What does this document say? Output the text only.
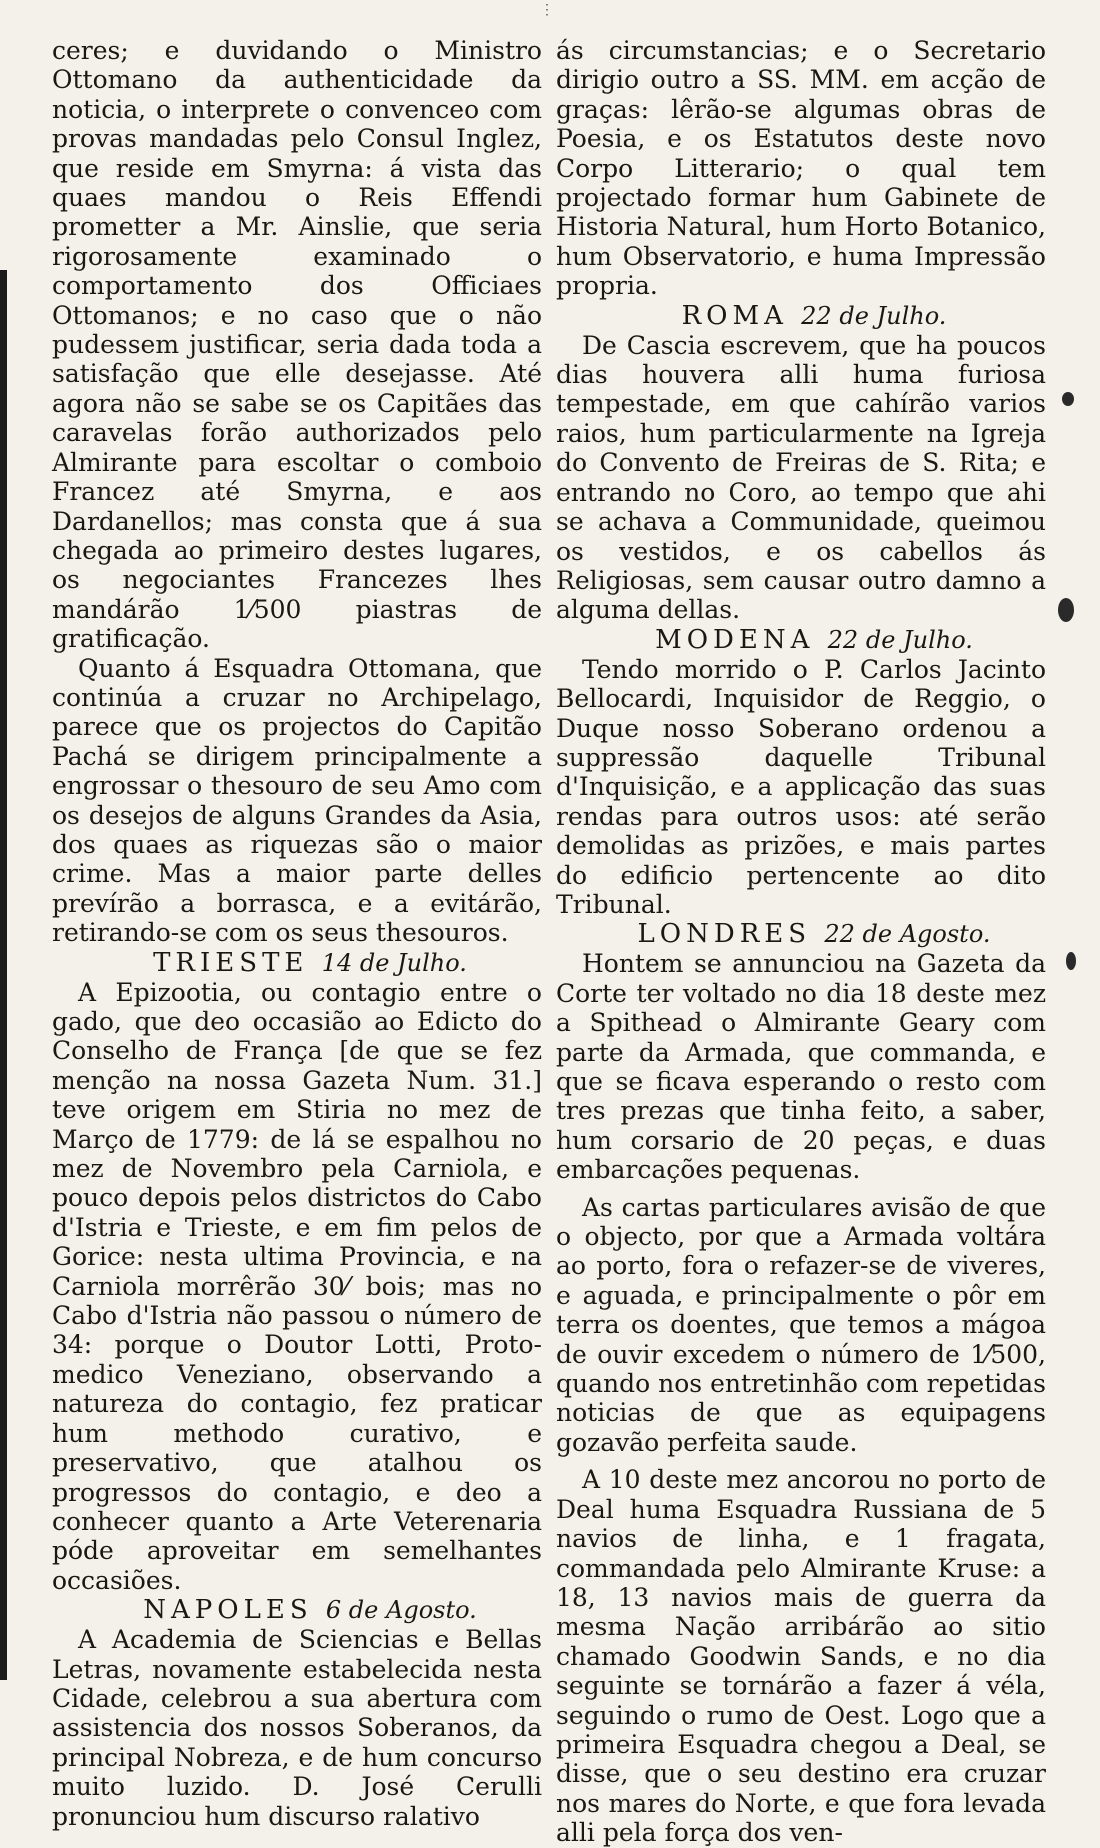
⋮

ceres; e duvidando o Ministro Ottomano da authenticidade da noticia, o interprete o convenceo com provas mandadas pelo Consul Inglez, que reside em Smyrna: á vista das quaes mandou o Reis Effendi prometter a Mr. Ainslie, que seria rigorosamente examinado o comportamento dos Officiaes Ottomanos; e no caso que o não pudessem justificar, seria dada toda a satisfação que elle desejasse. Até agora não se sabe se os Capitães das caravelas forão authorizados pelo Almirante para escoltar o comboio Francez até Smyrna, e aos Dardanellos; mas consta que á sua chegada ao primeiro destes lugares, os negociantes Francezes lhes mandárão 1⁄500 piastras de gratificação.

Quanto á Esquadra Ottomana, que continúa a cruzar no Archipelago, parece que os projectos do Capitão Pachá se dirigem principalmente a engrossar o thesouro de seu Amo com os desejos de alguns Grandes da Asia, dos quaes as riquezas são o maior crime. Mas a maior parte delles prevírão a borrasca, e a evitárão, retirando-se com os seus thesouros.

TRIESTE 14 de Julho.

A Epizootia, ou contagio entre o gado, que deo occasião ao Edicto do Conselho de França [de que se fez menção na nossa Gazeta Num. 31.] teve origem em Stiria no mez de Março de 1779: de lá se espalhou no mez de Novembro pela Carniola, e pouco depois pelos districtos do Cabo d'Istria e Trieste, e em fim pelos de Gorice: nesta ultima Provincia, e na Carniola morrêrão 30⁄ bois; mas no Cabo d'Istria não passou o número de 34: porque o Doutor Lotti, Proto-medico Veneziano, observando a natureza do contagio, fez praticar hum methodo curativo, e preservativo, que atalhou os progressos do contagio, e deo a conhecer quanto a Arte Veterenaria póde aproveitar em semelhantes occasiões.

NAPOLES 6 de Agosto.

A Academia de Sciencias e Bellas Letras, novamente estabelecida nesta Cidade, celebrou a sua abertura com assistencia dos nossos Soberanos, da principal Nobreza, e de hum concurso muito luzido. D. José Cerulli pronunciou hum discurso ralativo

ás circumstancias; e o Secretario dirigio outro a SS. MM. em acção de graças: lêrão-se algumas obras de Poesia, e os Estatutos deste novo Corpo Litterario; o qual tem projectado formar hum Gabinete de Historia Natural, hum Horto Botanico, hum Observatorio, e huma Impressão propria.

ROMA 22 de Julho.

De Cascia escrevem, que ha poucos dias houvera alli huma furiosa tempestade, em que cahírão varios raios, hum particularmente na Igreja do Convento de Freiras de S. Rita; e entrando no Coro, ao tempo que ahi se achava a Communidade, queimou os vestidos, e os cabellos ás Religiosas, sem causar outro damno a alguma dellas.

MODENA 22 de Julho.

Tendo morrido o P. Carlos Jacinto Bellocardi, Inquisidor de Reggio, o Duque nosso Soberano ordenou a suppressão daquelle Tribunal d'Inquisição, e a applicação das suas rendas para outros usos: até serão demolidas as prizões, e mais partes do edificio pertencente ao dito Tribunal.

LONDRES 22 de Agosto.

Hontem se annunciou na Gazeta da Corte ter voltado no dia 18 deste mez a Spithead o Almirante Geary com parte da Armada, que commanda, e que se ficava esperando o resto com tres prezas que tinha feito, a saber, hum corsario de 20 peças, e duas embarcações pequenas.

As cartas particulares avisão de que o objecto, por que a Armada voltára ao porto, fora o refazer-se de viveres, e aguada, e principalmente o pôr em terra os doentes, que temos a mágoa de ouvir excedem o número de 1⁄500, quando nos entretinhão com repetidas noticias de que as equipagens gozavão perfeita saude.

A 10 deste mez ancorou no porto de Deal huma Esquadra Russiana de 5 navios de linha, e 1 fragata, commandada pelo Almirante Kruse: a 18, 13 navios mais de guerra da mesma Nação arribárão ao sitio chamado Goodwin Sands, e no dia seguinte se tornárão a fazer á véla, seguindo o rumo de Oest. Logo que a primeira Esquadra chegou a Deal, se disse, que o seu destino era cruzar nos mares do Norte, e que fora levada alli pela força dos ven-
